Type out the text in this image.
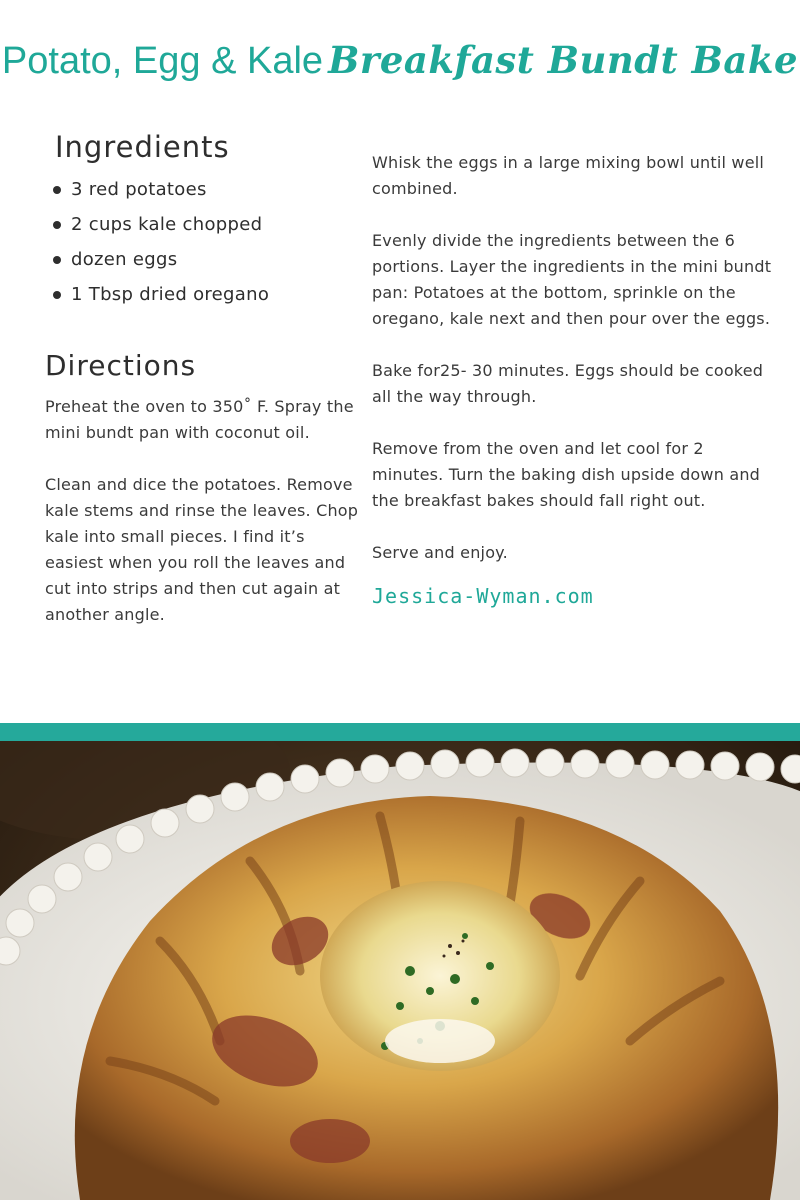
Potato, Egg & Kale Breakfast Bundt Bake
Ingredients
3 red potatoes
2 cups kale chopped
dozen eggs
1 Tbsp dried oregano
Directions

Preheat the oven to 350˚ F. Spray the mini bundt pan with coconut oil.

Clean and dice the potatoes. Remove kale stems and rinse the leaves. Chop kale into small pieces. I find it’s easiest when you roll the leaves and cut into strips and then cut again at another angle.

Whisk the eggs in a large mixing bowl until well combined.

Evenly divide the ingredients between the 6 portions. Layer the ingredients in the mini bundt pan: Potatoes at the bottom, sprinkle on the oregano, kale next and then pour over the eggs.

Bake for25- 30 minutes. Eggs should be cooked all the way through.

Remove from the oven and let cool for 2 minutes. Turn the baking dish upside down and the breakfast bakes should fall right out.

Serve and enjoy.

Jessica-Wyman.com
